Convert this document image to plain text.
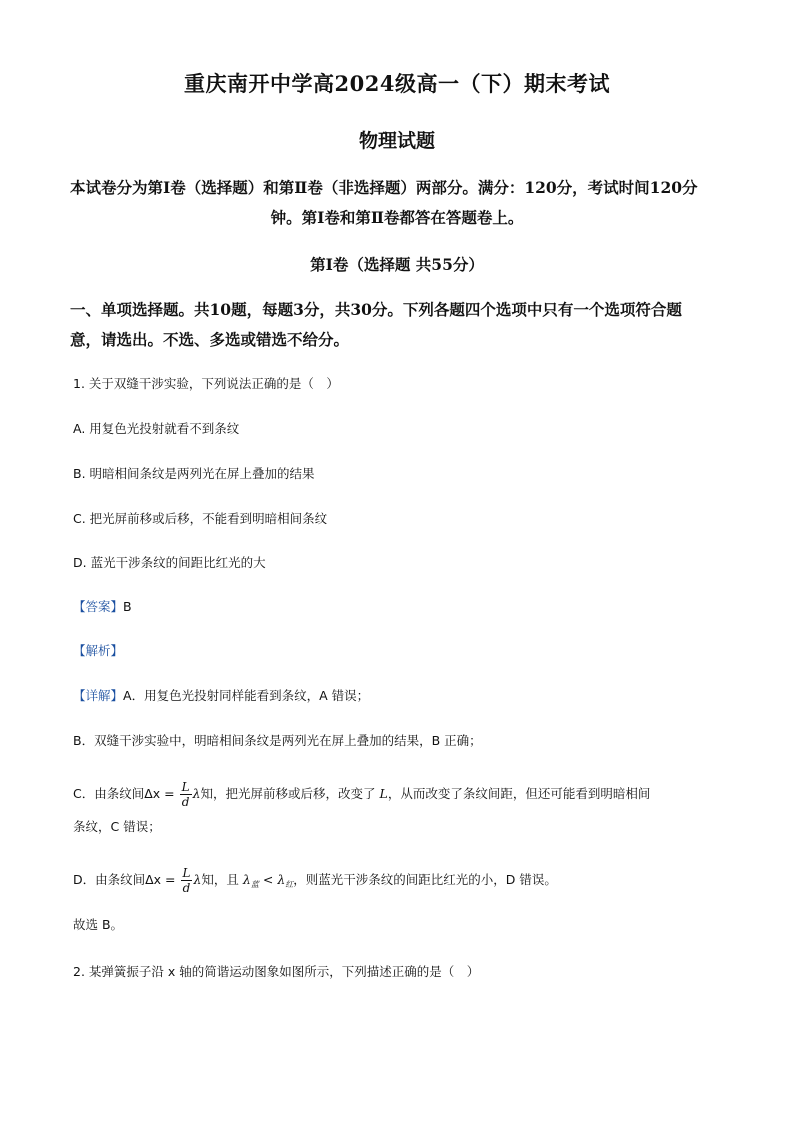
重庆南开中学高2024级高一（下）期末考试
物理试题
本试卷分为第Ⅰ卷（选择题）和第Ⅱ卷（非选择题）两部分。满分：120分，考试时间120分
钟。第Ⅰ卷和第Ⅱ卷都答在答题卷上。
第Ⅰ卷（选择题 共55分）
一、单项选择题。共10题，每题3分，共30分。下列各题四个选项中只有一个选项符合题
意，请选出。不选、多选或错选不给分。
1. 关于双缝干涉实验，下列说法正确的是（　）
A. 用复色光投射就看不到条纹
B. 明暗相间条纹是两列光在屏上叠加的结果
C. 把光屏前移或后移，不能看到明暗相间条纹
D. 蓝光干涉条纹的间距比红光的大
【答案】B
【解析】
【详解】A．用复色光投射同样能看到条纹，A 错误；
B．双缝干涉实验中，明暗相间条纹是两列光在屏上叠加的结果，B 正确；
C．由条纹间$\Delta x = \frac{L}{d}$ λ知，把光屏前移或后移，改变了 L，从而改变了条纹间距，但还可能看到明暗相间
条纹，C 错误；
D．由条纹间$\Delta x = \frac{L}{d}$ λ知，且 $\lambda_蓝 < \lambda_红$，则蓝光干涉条纹的间距比红光的小，D 错误。
故选 B。
2. 某弹簧振子沿 x 轴的简谐运动图象如图所示，下列描述正确的是（　）
